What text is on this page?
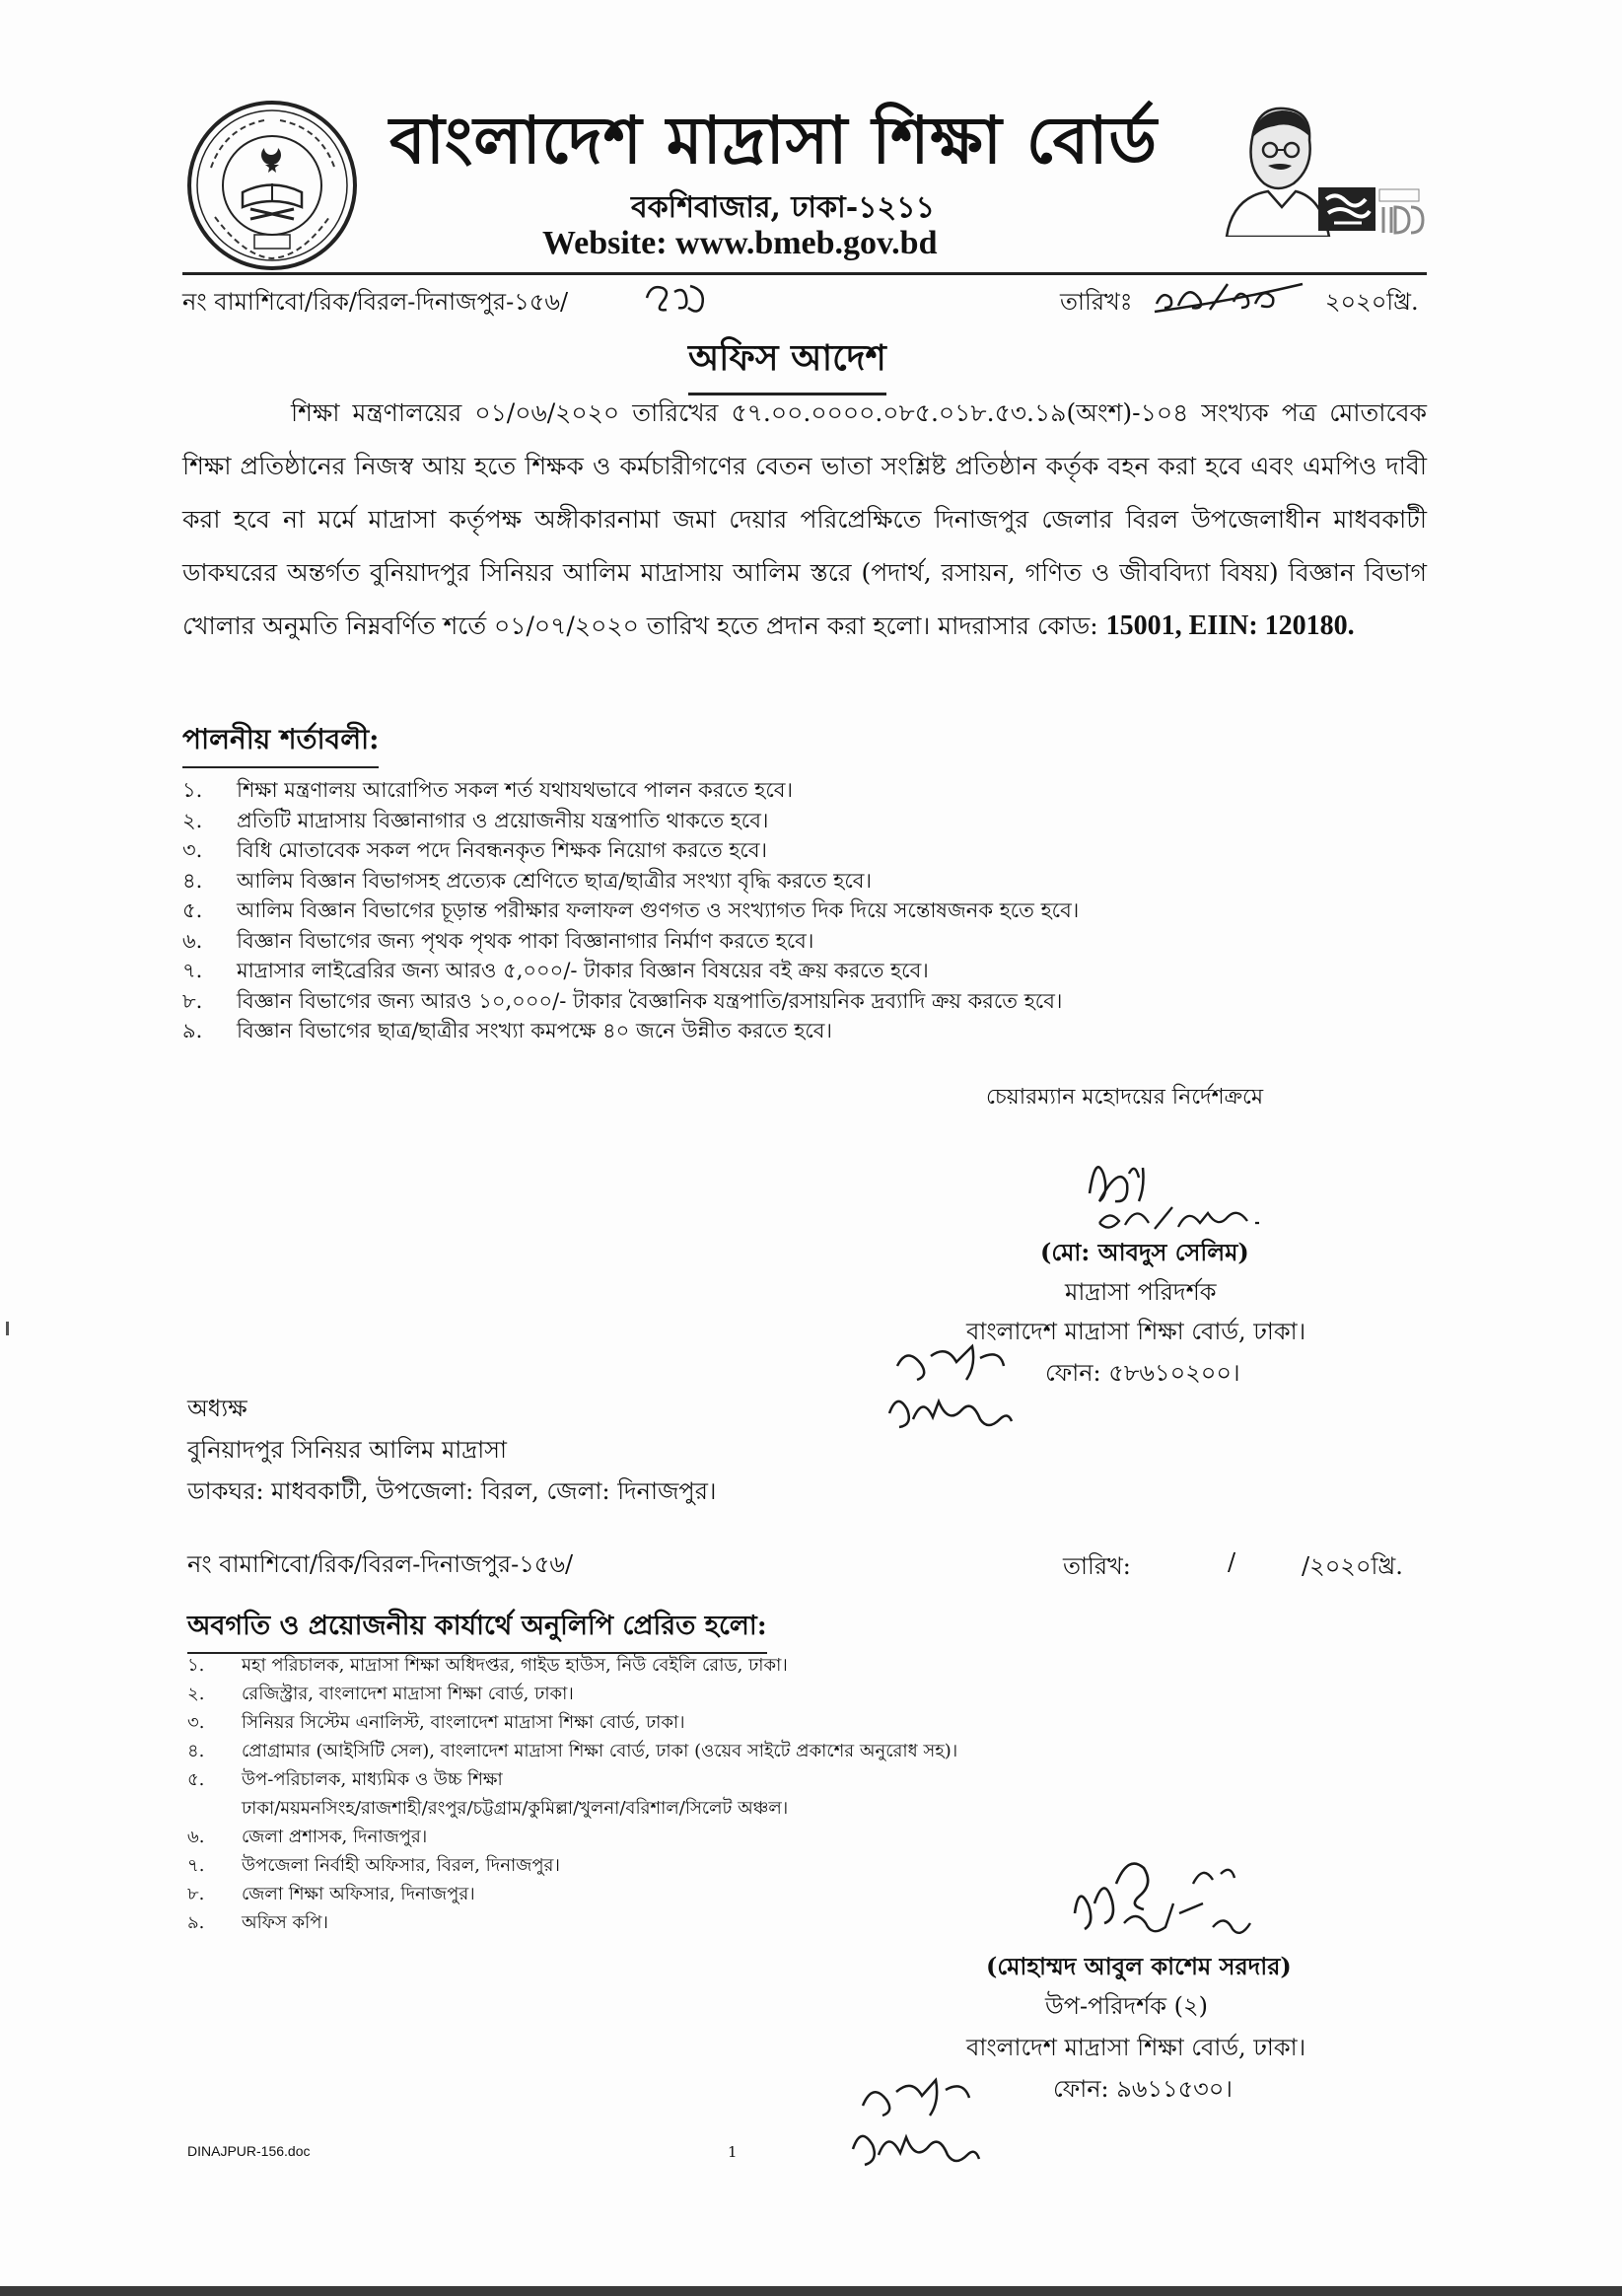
বাংলাদেশ মাদ্রাসা শিক্ষা বোর্ড
বকশিবাজার, ঢাকা-১২১১
Website: www.bmeb.gov.bd
নং বামাশিবো/রিক/বিরল-দিনাজপুর-১৫৬/	তারিখঃ	২০২০খ্রি.
অফিস আদেশ
শিক্ষা মন্ত্রণালয়ের ০১/০৬/২০২০ তারিখের ৫৭.০০.০০০০.০৮৫.০১৮.৫৩.১৯(অংশ)-১০৪ সংখ্যক পত্র মোতাবেক শিক্ষা প্রতিষ্ঠানের নিজস্ব আয় হতে শিক্ষক ও কর্মচারীগণের বেতন ভাতা সংশ্লিষ্ট প্রতিষ্ঠান কর্তৃক বহন করা হবে এবং এমপিও দাবী করা হবে না মর্মে মাদ্রাসা কর্তৃপক্ষ অঙ্গীকারনামা জমা দেয়ার পরিপ্রেক্ষিতে দিনাজপুর জেলার বিরল উপজেলাধীন মাধবকাটী ডাকঘরের অন্তর্গত বুনিয়াদপুর সিনিয়র আলিম মাদ্রাসায় আলিম স্তরে (পদার্থ, রসায়ন, গণিত ও জীববিদ্যা বিষয়) বিজ্ঞান বিভাগ খোলার অনুমতি নিম্নবর্ণিত শর্তে ০১/০৭/২০২০ তারিখ হতে প্রদান করা হলো। মাদরাসার কোড: 15001, EIIN: 120180.
পালনীয় শর্তাবলী:
১.	শিক্ষা মন্ত্রণালয় আরোপিত সকল শর্ত যথাযথভাবে পালন করতে হবে।
২.	প্রতিটি মাদ্রাসায় বিজ্ঞানাগার ও প্রয়োজনীয় যন্ত্রপাতি থাকতে হবে।
৩.	বিধি মোতাবেক সকল পদে নিবন্ধনকৃত শিক্ষক নিয়োগ করতে হবে।
৪.	আলিম বিজ্ঞান বিভাগসহ প্রত্যেক শ্রেণিতে ছাত্র/ছাত্রীর সংখ্যা বৃদ্ধি করতে হবে।
৫.	আলিম বিজ্ঞান বিভাগের চূড়ান্ত পরীক্ষার ফলাফল গুণগত ও সংখ্যাগত দিক দিয়ে সন্তোষজনক হতে হবে।
৬.	বিজ্ঞান বিভাগের জন্য পৃথক পৃথক পাকা বিজ্ঞানাগার নির্মাণ করতে হবে।
৭.	মাদ্রাসার লাইব্রেরির জন্য আরও ৫,০০০/- টাকার বিজ্ঞান বিষয়ের বই ক্রয় করতে হবে।
৮.	বিজ্ঞান বিভাগের জন্য আরও ১০,০০০/- টাকার বৈজ্ঞানিক যন্ত্রপাতি/রসায়নিক দ্রব্যাদি ক্রয় করতে হবে।
৯.	বিজ্ঞান বিভাগের ছাত্র/ছাত্রীর সংখ্যা কমপক্ষে ৪০ জনে উন্নীত করতে হবে।
চেয়ারম্যান মহোদয়ের নির্দেশক্রমে
(মো: আবদুস সেলিম)
মাদ্রাসা পরিদর্শক
বাংলাদেশ মাদ্রাসা শিক্ষা বোর্ড, ঢাকা।
ফোন: ৫৮৬১০২০০।
অধ্যক্ষ
বুনিয়াদপুর সিনিয়র আলিম মাদ্রাসা
ডাকঘর: মাধবকাটী, উপজেলা: বিরল, জেলা: দিনাজপুর।
নং বামাশিবো/রিক/বিরল-দিনাজপুর-১৫৬/	তারিখ:	/	/২০২০খ্রি.
অবগতি ও প্রয়োজনীয় কার্যার্থে অনুলিপি প্রেরিত হলো:
১.	মহা পরিচালক, মাদ্রাসা শিক্ষা অধিদপ্তর, গাইড হাউস, নিউ বেইলি রোড, ঢাকা।
২.	রেজিস্ট্রার, বাংলাদেশ মাদ্রাসা শিক্ষা বোর্ড, ঢাকা।
৩.	সিনিয়র সিস্টেম এনালিস্ট, বাংলাদেশ মাদ্রাসা শিক্ষা বোর্ড, ঢাকা।
৪.	প্রোগ্রামার (আইসিটি সেল), বাংলাদেশ মাদ্রাসা শিক্ষা বোর্ড, ঢাকা (ওয়েব সাইটে প্রকাশের অনুরোধ সহ)।
৫.	উপ-পরিচালক, মাধ্যমিক ও উচ্চ শিক্ষা
ঢাকা/ময়মনসিংহ/রাজশাহী/রংপুর/চট্টগ্রাম/কুমিল্লা/খুলনা/বরিশাল/সিলেট অঞ্চল।
৬.	জেলা প্রশাসক, দিনাজপুর।
৭.	উপজেলা নির্বাহী অফিসার, বিরল, দিনাজপুর।
৮.	জেলা শিক্ষা অফিসার, দিনাজপুর।
৯.	অফিস কপি।
(মোহাম্মদ আবুল কাশেম সরদার)
উপ-পরিদর্শক (২)
বাংলাদেশ মাদ্রাসা শিক্ষা বোর্ড, ঢাকা।
ফোন: ৯৬১১৫৩০।
DINAJPUR-156.doc	1
